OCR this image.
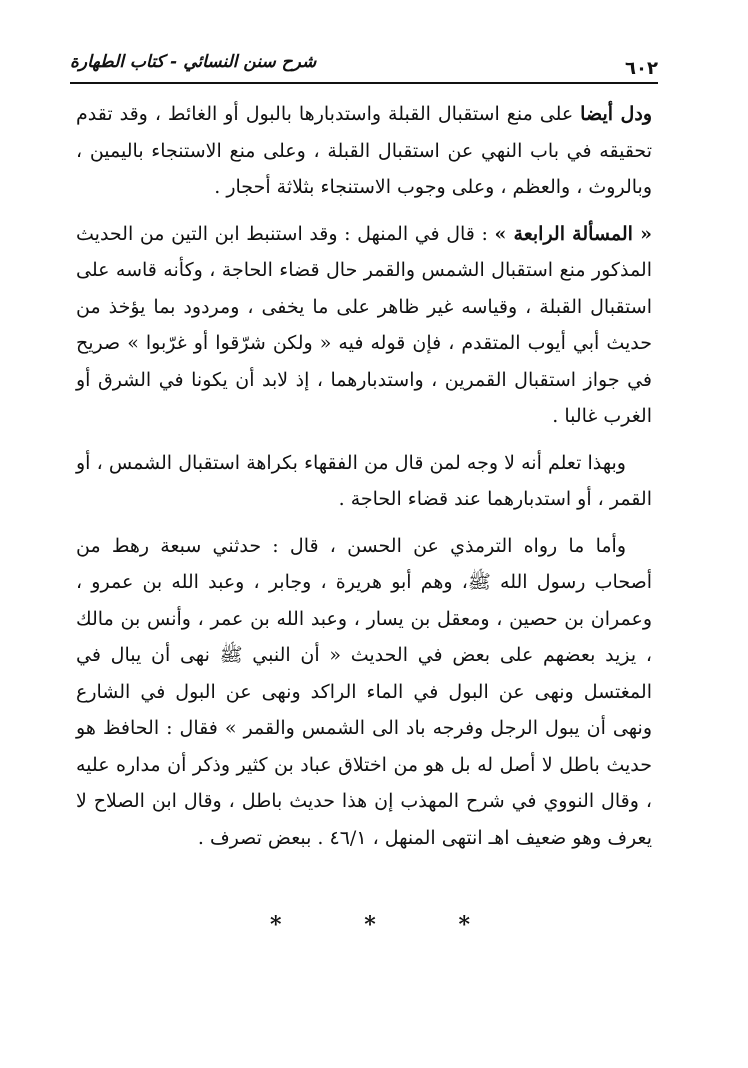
٦٠٢
شرح سنن النسائي - كتاب الطهارة

ودل أيضا على منع استقبال القبلة واستدبارها بالبول أو الغائط ، وقد تقدم تحقيقه في باب النهي عن استقبال القبلة ، وعلى منع الاستنجاء باليمين ، وبالروث ، والعظم ، وعلى وجوب الاستنجاء بثلاثة أحجار .

« المسألة الرابعة » : قال في المنهل : وقد استنبط ابن التين من الحديث المذكور منع استقبال الشمس والقمر حال قضاء الحاجة ، وكأنه قاسه على استقبال القبلة ، وقياسه غير ظاهر على ما يخفى ، ومردود بما يؤخذ من حديث أبي أيوب المتقدم ، فإن قوله فيه « ولكن شرّقوا أو غرّبوا » صريح في جواز استقبال القمرين ، واستدبارهما ، إذ لابد أن يكونا في الشرق أو الغرب غالبا .

وبهذا تعلم أنه لا وجه لمن قال من الفقهاء بكراهة استقبال الشمس ، أو القمر ، أو استدبارهما عند قضاء الحاجة .

وأما ما رواه الترمذي عن الحسن ، قال : حدثني سبعة رهط من أصحاب رسول الله ﷺ، وهم أبو هريرة ، وجابر ، وعبد الله بن عمرو ، وعمران بن حصين ، ومعقل بن يسار ، وعبد الله بن عمر ، وأنس بن مالك ، يزيد بعضهم على بعض في الحديث « أن النبي ﷺ نهى أن يبال في المغتسل ونهى عن البول في الماء الراكد ونهى عن البول في الشارع ونهى أن يبول الرجل وفرجه باد الى الشمس والقمر » فقال : الحافظ هو حديث باطل لا أصل له بل هو من اختلاق عباد بن كثير وذكر أن مداره عليه ، وقال النووي في شرح المهذب إن هذا حديث باطل ، وقال ابن الصلاح لا يعرف وهو ضعيف اهـ انتهى المنهل ، ٤٦/١ . ببعض تصرف .

*	*	*
